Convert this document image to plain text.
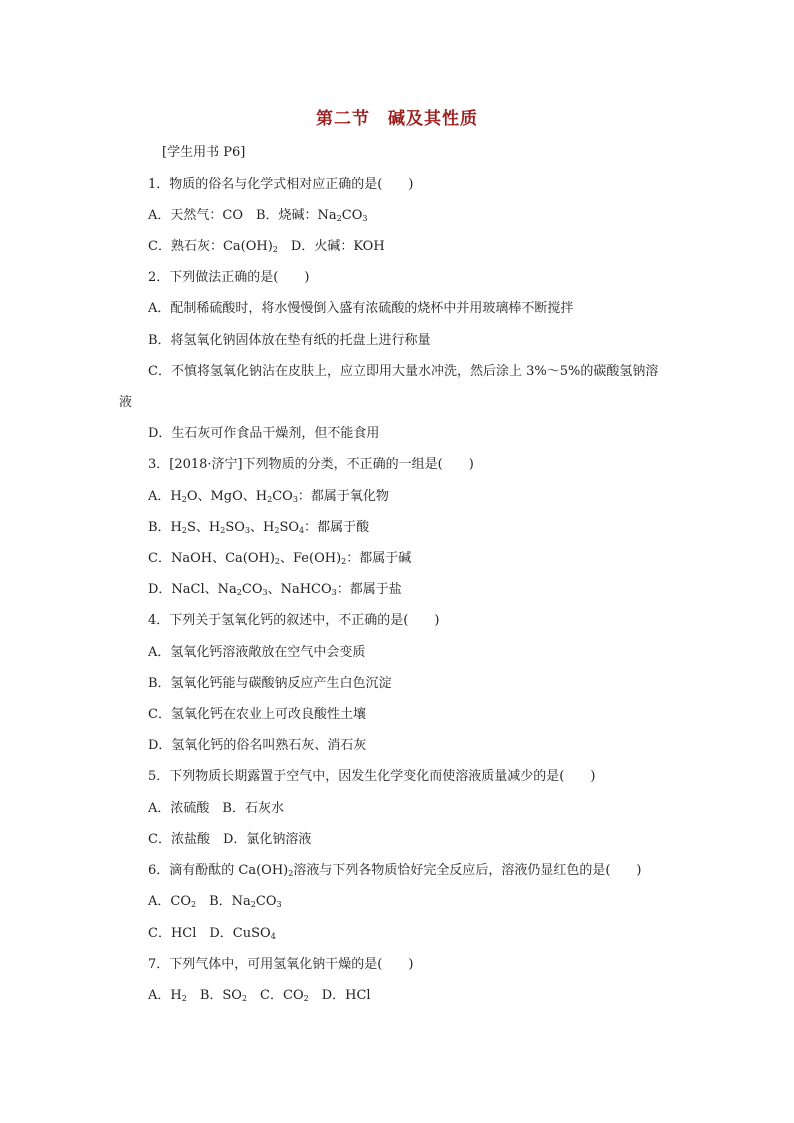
第二节　碱及其性质
[学生用书 P6]
1．物质的俗名与化学式相对应正确的是(　　)
A．天然气：CO　B．烧碱：$Na_2CO_3$
C．熟石灰：$Ca(OH)_2$　D．火碱：KOH
2．下列做法正确的是(　　)
A．配制稀硫酸时，将水慢慢倒入盛有浓硫酸的烧杯中并用玻璃棒不断搅拌
B．将氢氧化钠固体放在垫有纸的托盘上进行称量
C．不慎将氢氧化钠沾在皮肤上，应立即用大量水冲洗，然后涂上 3%～5%的碳酸氢钠溶
液
D．生石灰可作食品干燥剂，但不能食用
3．[2018·济宁]下列物质的分类，不正确的一组是(　　)
A．$H_2O$、MgO、$H_2CO_3$：都属于氧化物
B．$H_2S$、$H_2SO_3$、$H_2SO_4$：都属于酸
C．NaOH、$Ca(OH)_2$、$Fe(OH)_2$：都属于碱
D．NaCl、$Na_2CO_3$、NaHCO$_3$：都属于盐
4．下列关于氢氧化钙的叙述中，不正确的是(　　)
A．氢氧化钙溶液敞放在空气中会变质
B．氢氧化钙能与碳酸钠反应产生白色沉淀
C．氢氧化钙在农业上可改良酸性土壤
D．氢氧化钙的俗名叫熟石灰、消石灰
5．下列物质长期露置于空气中，因发生化学变化而使溶液质量减少的是(　　)
A．浓硫酸　B．石灰水
C．浓盐酸　D．氯化钠溶液
6．滴有酚酞的 $Ca(OH)_2$溶液与下列各物质恰好完全反应后，溶液仍显红色的是(　　)
A．$CO_2$　B．$Na_2CO_3$
C．HCl　D．CuSO$_4$
7．下列气体中，可用氢氧化钠干燥的是(　　)
A．$H_2$　B．$SO_2$　C．$CO_2$　D．HCl
